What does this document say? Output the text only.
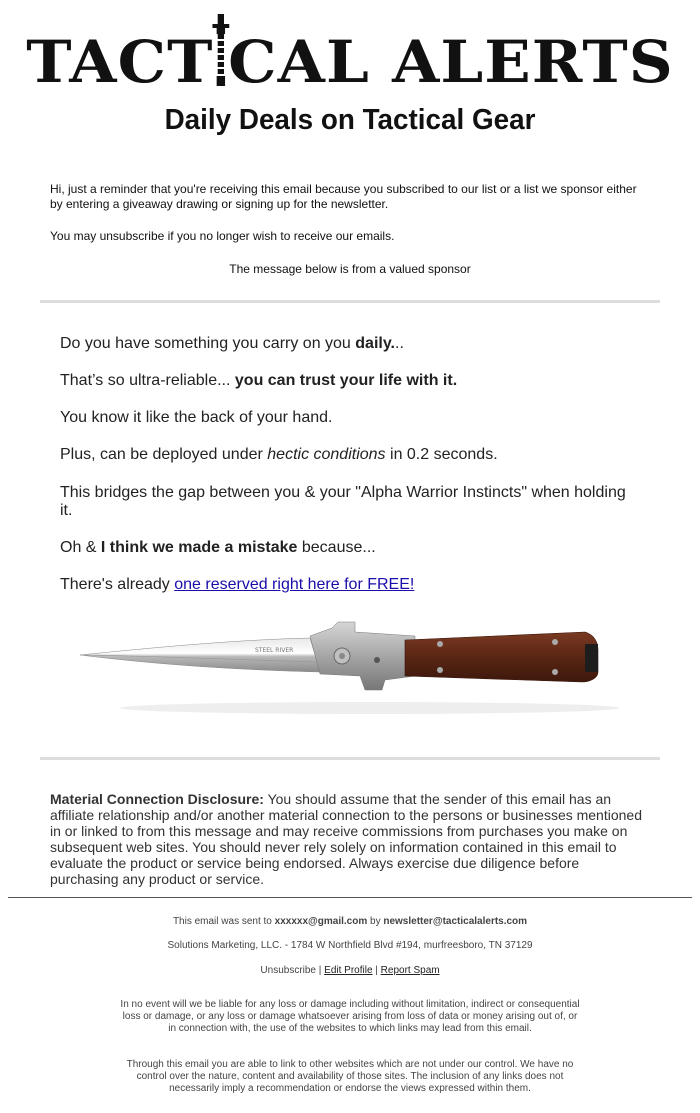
TACT CAL ALERTS
Daily Deals on Tactical Gear
Hi, just a reminder that you're receiving this email because you subscribed to our list or a list we sponsor either by entering a giveaway drawing or signing up for the newsletter.
You may unsubscribe if you no longer wish to receive our emails.
The message below is from a valued sponsor
Do you have something you carry on you daily...
That’s so ultra-reliable... you can trust your life with it.
You know it like the back of your hand.
Plus, can be deployed under hectic conditions in 0.2 seconds.
This bridges the gap between you & your "Alpha Warrior Instincts" when holding it.
Oh & I think we made a mistake because...
There's already one reserved right here for FREE!
STEEL RIVER
Material Connection Disclosure: You should assume that the sender of this email has an affiliate relationship and/or another material connection to the persons or businesses mentioned in or linked to from this message and may receive commissions from purchases you make on subsequent web sites. You should never rely solely on information contained in this email to evaluate the product or service being endorsed. Always exercise due diligence before purchasing any product or service.
This email was sent to xxxxxx@gmail.com by newsletter@tacticalalerts.com
Solutions Marketing, LLC. - 1784 W Northfield Blvd #194, murfreesboro, TN 37129
Unsubscribe | Edit Profile | Report Spam
In no event will we be liable for any loss or damage including without limitation, indirect or consequential loss or damage, or any loss or damage whatsoever arising from loss of data or money arising out of, or in connection with, the use of the websites to which links may lead from this email.
Through this email you are able to link to other websites which are not under our control. We have no control over the nature, content and availability of those sites. The inclusion of any links does not necessarily imply a recommendation or endorse the views expressed within them.
